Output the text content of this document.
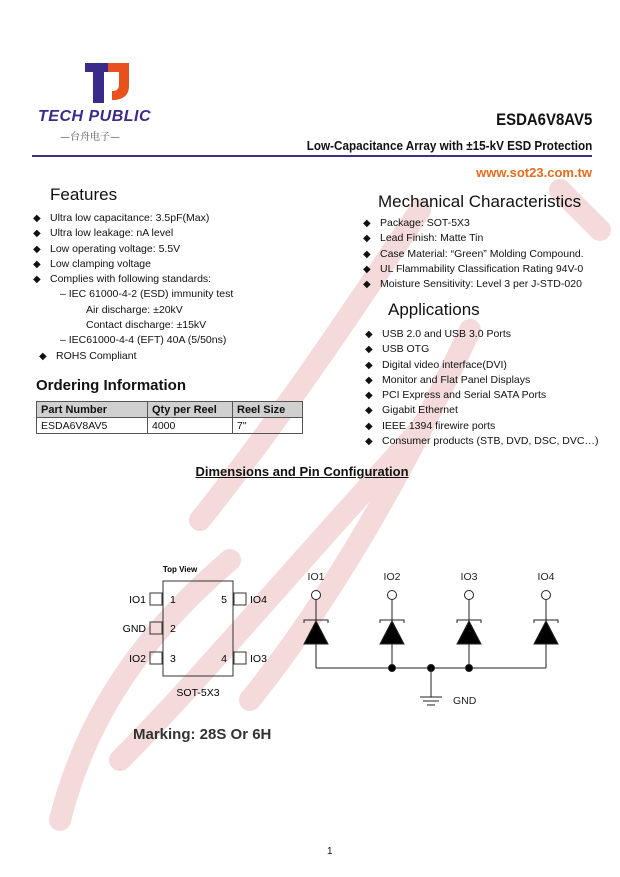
TECH PUBLIC
—台舟电子—
ESDA6V8AV5
Low-Capacitance Array with ±15-kV ESD Protection
www.sot23.com.tw
Features
◆ Ultra low capacitance: 3.5pF(Max)
◆ Ultra low leakage: nA level
◆ Low operating voltage: 5.5V
◆ Low clamping voltage
◆ Complies with following standards:
– IEC 61000-4-2 (ESD) immunity test
Air discharge: ±20kV
Contact discharge: ±15kV
– IEC61000-4-4 (EFT) 40A (5/50ns)
◆ ROHS Compliant
Ordering Information
Part Number	Qty per Reel	Reel Size
ESDA6V8AV5	4000	7"
Mechanical Characteristics
◆ Package: SOT-5X3
◆ Lead Finish: Matte Tin
◆ Case Material: “Green” Molding Compound.
◆ UL Flammability Classification Rating 94V-0
◆ Moisture Sensitivity: Level 3 per J-STD-020
Applications
◆ USB 2.0 and USB 3.0 Ports
◆ USB OTG
◆ Digital video interface(DVI)
◆ Monitor and Flat Panel Displays
◆ PCI Express and Serial SATA Ports
◆ Gigabit Ethernet
◆ IEEE 1394 firewire ports
◆ Consumer products (STB, DVD, DSC, DVC…)
Dimensions and Pin Configuration
Top View
IO1
GND
IO2
1
2
3
IO4
IO3
5
4
SOT-5X3
Marking: 28S Or 6H
GND
IO1	IO2	IO3	IO4
1
